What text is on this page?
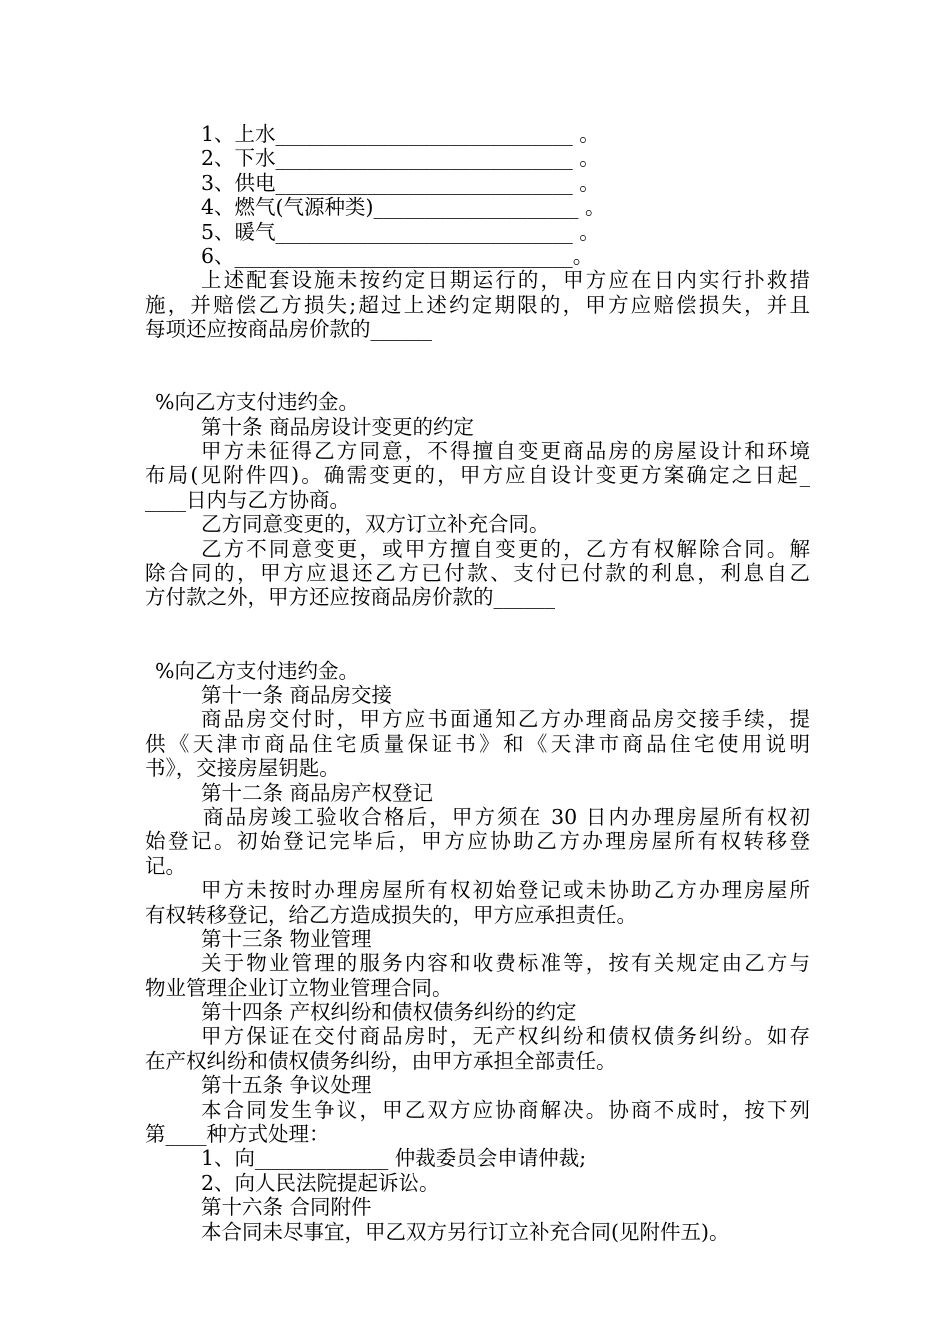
1、上水_____________________________ 。
2、下水_____________________________ 。
3、供电_____________________________ 。
4、燃气(气源种类)____________________ 。
5、暖气_____________________________ 。
6、_________________________________。
上述配套设施未按约定日期运行的，甲方应在日内实行扑救措
施，并赔偿乙方损失;超过上述约定期限的，甲方应赔偿损失，并且
每项还应按商品房价款的______
%向乙方支付违约金。
第十条 商品房设计变更的约定
甲方未征得乙方同意，不得擅自变更商品房的房屋设计和环境
布局(见附件四)。确需变更的，甲方应自设计变更方案确定之日起_
____日内与乙方协商。
乙方同意变更的，双方订立补充合同。
乙方不同意变更，或甲方擅自变更的，乙方有权解除合同。解
除合同的，甲方应退还乙方已付款、支付已付款的利息，利息自乙
方付款之外，甲方还应按商品房价款的______
%向乙方支付违约金。
第十一条 商品房交接
商品房交付时，甲方应书面通知乙方办理商品房交接手续，提
供《天津市商品住宅质量保证书》和《天津市商品住宅使用说明
书》，交接房屋钥匙。
第十二条 商品房产权登记
商品房竣工验收合格后，甲方须在 30 日内办理房屋所有权初
始登记。初始登记完毕后，甲方应协助乙方办理房屋所有权转移登
记。
甲方未按时办理房屋所有权初始登记或未协助乙方办理房屋所
有权转移登记，给乙方造成损失的，甲方应承担责任。
第十三条 物业管理
关于物业管理的服务内容和收费标准等，按有关规定由乙方与
物业管理企业订立物业管理合同。
第十四条 产权纠纷和债权债务纠纷的约定
甲方保证在交付商品房时，无产权纠纷和债权债务纠纷。如存
在产权纠纷和债权债务纠纷，由甲方承担全部责任。
第十五条 争议处理
本合同发生争议，甲乙双方应协商解决。协商不成时，按下列
第____种方式处理：
1、向_____________ 仲裁委员会申请仲裁;
2、向人民法院提起诉讼。
第十六条 合同附件
本合同未尽事宜，甲乙双方另行订立补充合同(见附件五)。
